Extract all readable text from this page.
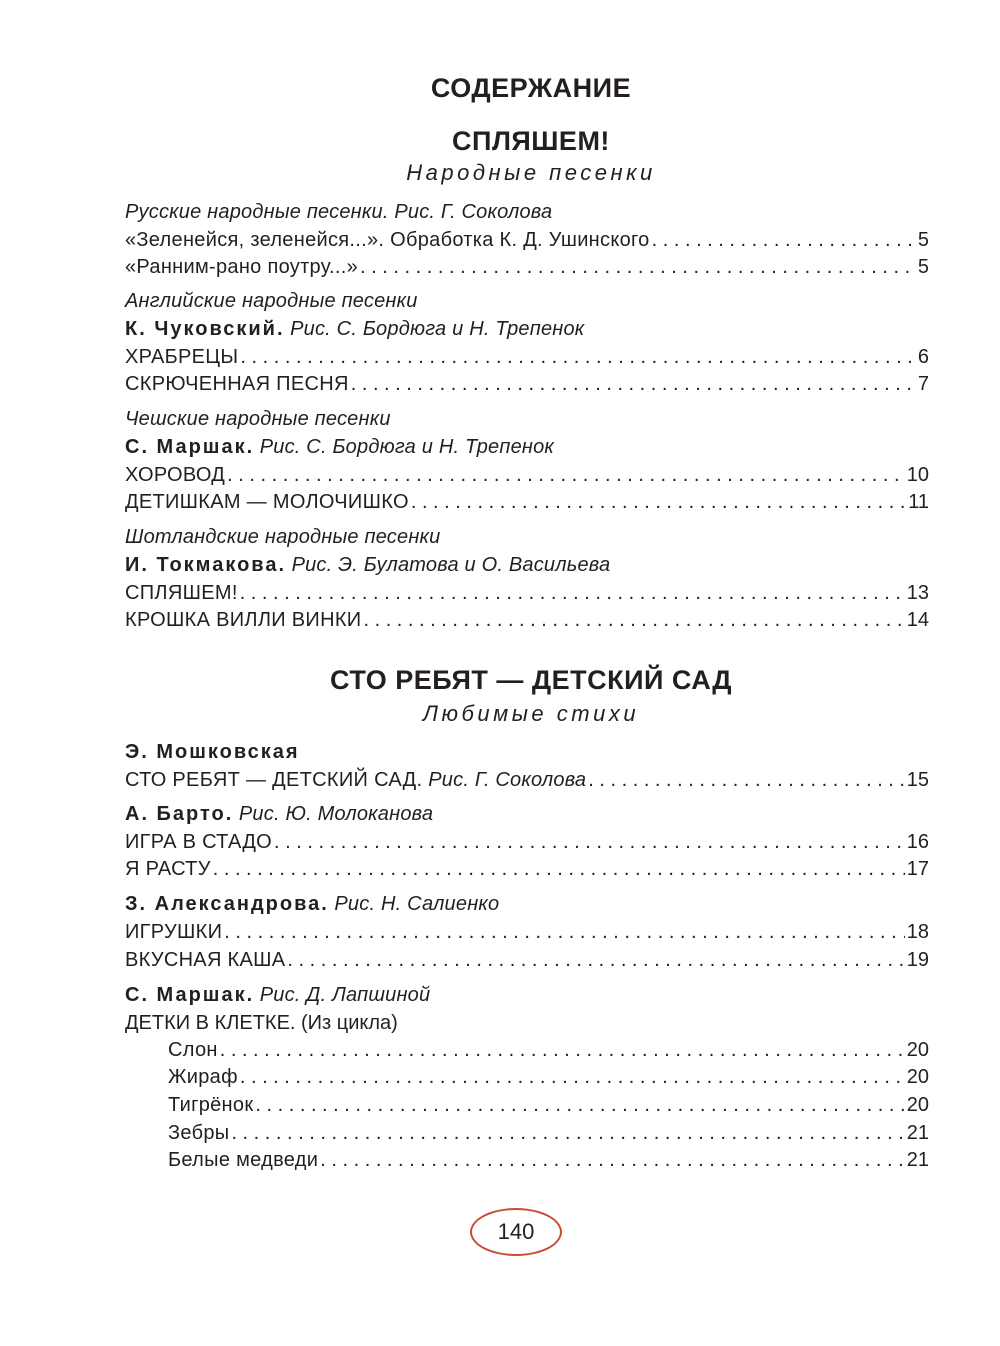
СОДЕРЖАНИЕ
СПЛЯШЕМ!
Народные песенки
Русские народные песенки. Рис. Г. Соколова
«Зеленейся, зеленейся...». Обработка К. Д. Ушинского . . .	5
«Ранним-рано поутру...» . . .	5
Английские народные песенки
К. Чуковский. Рис. С. Бордюга и Н. Трепенок
ХРАБРЕЦЫ . . .	6
СКРЮЧЕННАЯ ПЕСНЯ . . .	7
Чешские народные песенки
С. Маршак. Рис. С. Бордюга и Н. Трепенок
ХОРОВОД . . .	10
ДЕТИШКАМ — МОЛОЧИШКО . . .	11
Шотландские народные песенки
И. Токмакова. Рис. Э. Булатова и О. Васильева
СПЛЯШЕМ! . . .	13
КРОШКА ВИЛЛИ ВИНКИ . . .	14
СТО РЕБЯТ — ДЕТСКИЙ САД
Любимые стихи
Э. Мошковская
СТО РЕБЯТ — ДЕТСКИЙ САД. Рис. Г. Соколова . . .	15
А. Барто. Рис. Ю. Молоканова
ИГРА В СТАДО . . .	16
Я РАСТУ . . .	17
З. Александрова. Рис. Н. Салиенко
ИГРУШКИ . . .	18
ВКУСНАЯ КАША . . .	19
С. Маршак. Рис. Д. Лапшиной
ДЕТКИ В КЛЕТКЕ. (Из цикла)
Слон . . .	20
Жираф . . .	20
Тигрёнок . . .	20
Зебры . . .	21
Белые медведи . . .	21
140
